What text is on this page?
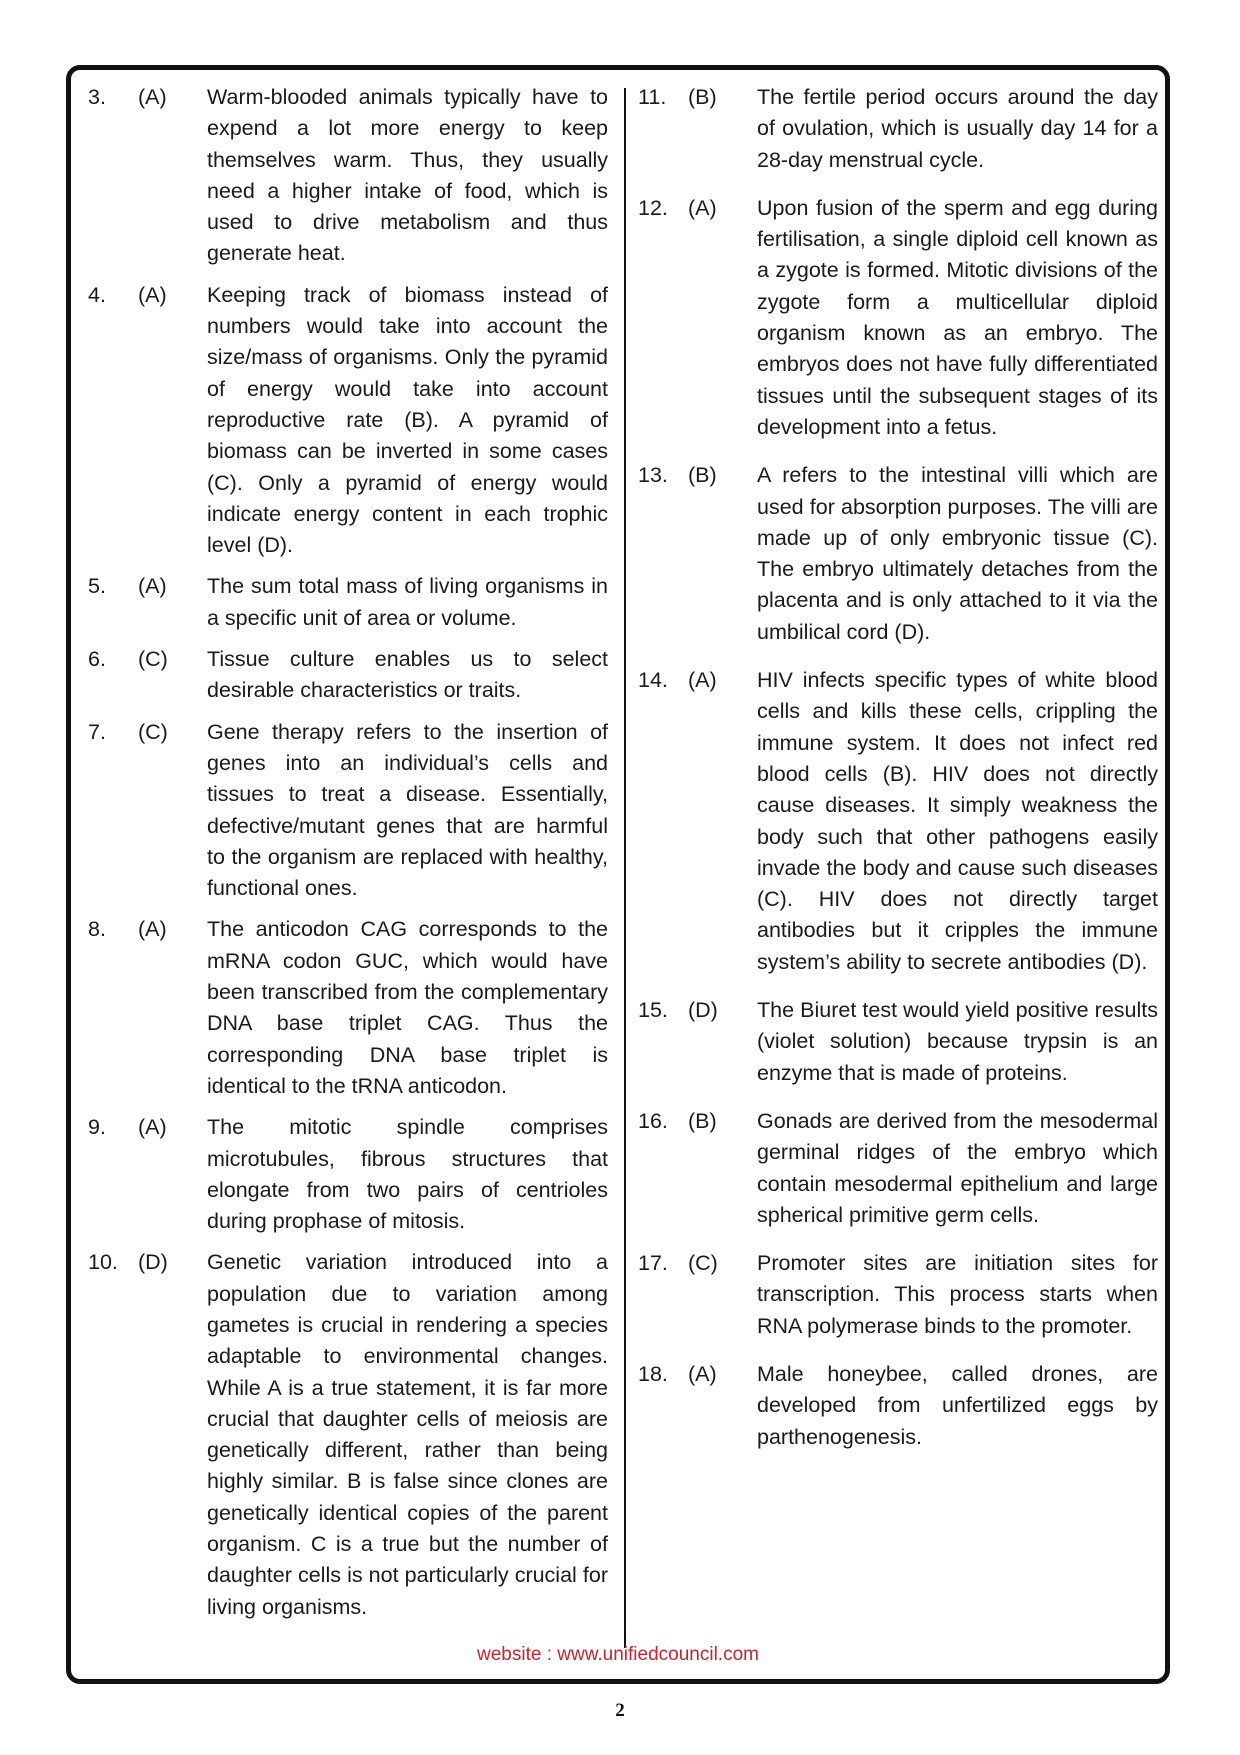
3.	(A)	Warm-blooded animals typically have to expend a lot more energy to keep themselves warm. Thus, they usually need a higher intake of food, which is used to drive metabolism and thus generate heat.
4.	(A)	Keeping track of biomass instead of numbers would take into account the size/mass of organisms. Only the pyramid of energy would take into account reproductive rate (B). A pyramid of biomass can be inverted in some cases (C). Only a pyramid of energy would indicate energy content in each trophic level (D).
5.	(A)	The sum total mass of living organisms in a specific unit of area or volume.
6.	(C)	Tissue culture enables us to select desirable characteristics or traits.
7.	(C)	Gene therapy refers to the insertion of genes into an individual’s cells and tissues to treat a disease. Essentially, defective/mutant genes that are harmful to the organism are replaced with healthy, functional ones.
8.	(A)	The anticodon CAG corresponds to the mRNA codon GUC, which would have been transcribed from the complementary DNA base triplet CAG. Thus the corresponding DNA base triplet is identical to the tRNA anticodon.
9.	(A)	The mitotic spindle comprises microtubules, fibrous structures that elongate from two pairs of centrioles during prophase of mitosis.
10. (D)	Genetic variation introduced into a population due to variation among gametes is crucial in rendering a species adaptable to environmental changes. While A is a true statement, it is far more crucial that daughter cells of meiosis are genetically different, rather than being highly similar. B is false since clones are genetically identical copies of the parent organism. C is a true but the number of daughter cells is not particularly crucial for living organisms.
11.	(B)	The fertile period occurs around the day of ovulation, which is usually day 14 for a 28-day menstrual cycle.
12. (A)	Upon fusion of the sperm and egg during fertilisation, a single diploid cell known as a zygote is formed. Mitotic divisions of the zygote form a multicellular diploid organism known as an embryo. The embryos does not have fully differentiated tissues until the subsequent stages of its development into a fetus.
13. (B)	A refers to the intestinal villi which are used for absorption purposes. The villi are made up of only embryonic tissue (C). The embryo ultimately detaches from the placenta and is only attached to it via the umbilical cord (D).
14. (A)	HIV infects specific types of white blood cells and kills these cells, crippling the immune system. It does not infect red blood cells (B). HIV does not directly cause diseases. It simply weakness the body such that other pathogens easily invade the body and cause such diseases (C). HIV does not directly target antibodies but it cripples the immune system’s ability to secrete antibodies (D).
15. (D)	The Biuret test would yield positive results (violet solution) because trypsin is an enzyme that is made of proteins.
16. (B)	Gonads are derived from the mesodermal germinal ridges of the embryo which contain mesodermal epithelium and large spherical primitive germ cells.
17. (C)	Promoter sites are initiation sites for transcription. This process starts when RNA polymerase binds to the promoter.
18. (A)	Male honeybee, called drones, are developed from unfertilized eggs by parthenogenesis.
website : www.unifiedcouncil.com
2
